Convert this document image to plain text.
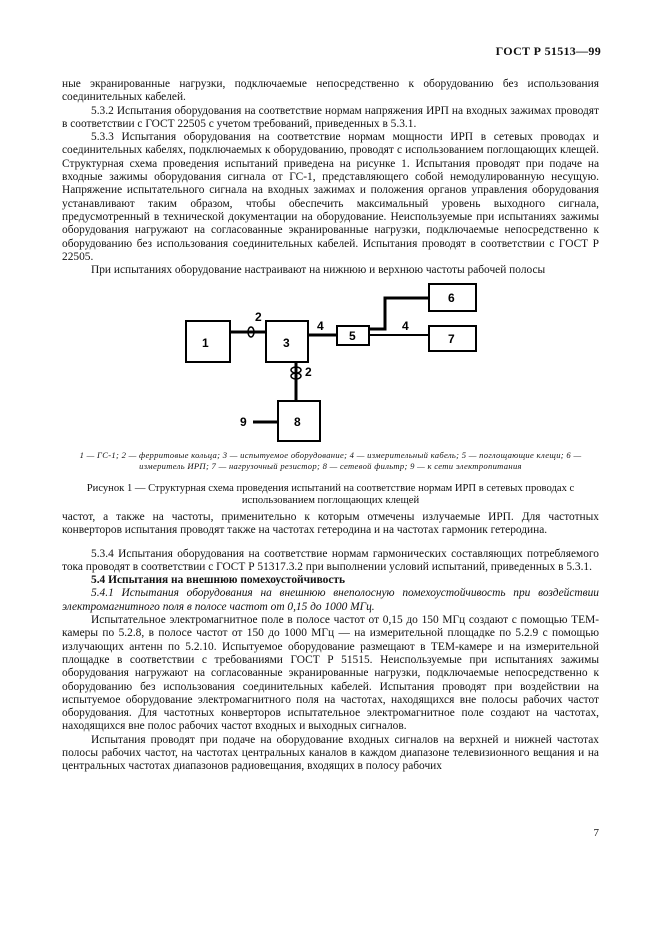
ГОСТ Р 51513—99

ные экранированные нагрузки, подключаемые непосредственно к оборудованию без использования соединительных кабелей.

5.3.2 Испытания оборудования на соответствие нормам напряжения ИРП на входных зажимах проводят в соответствии с ГОСТ 22505 с учетом требований, приведенных в 5.3.1.

5.3.3 Испытания оборудования на соответствие нормам мощности ИРП в сетевых проводах и соединительных кабелях, подключаемых к оборудованию, проводят с использованием поглощающих клещей. Структурная схема проведения испытаний приведена на рисунке 1. Испытания проводят при подаче на входные зажимы оборудования сигнала от ГС-1, представляющего собой немодулированную несущую. Напряжение испытательного сигнала на входных зажимах и положения органов управления оборудования устанавливают таким образом, чтобы обеспечить максимальный уровень выходного сигнала, предусмотренный в технической документации на оборудование. Неиспользуемые при испытаниях зажимы оборудования нагружают на согласованные экранированные нагрузки, подключаемые непосредственно к оборудованию без использования соединительных кабелей. Испытания проводят в соответствии с ГОСТ Р 22505.

При испытаниях оборудование настраивают на нижнюю и верхнюю частоты рабочей полосы

1	3	5
6
7
8
2
2
4	4
9
1 — ГС-1; 2 — ферритовые кольца; 3 — испытуемое оборудование; 4 — измерительный кабель; 5 — поглощающие клещи; 6 — измеритель ИРП; 7 — нагрузочный резистор; 8 — сетевой фильтр; 9 — к сети электропитания
Рисунок 1 — Структурная схема проведения испытаний на соответствие нормам ИРП в сетевых проводах с использованием поглощающих клещей

частот, а также на частоты, применительно к которым отмечены излучаемые ИРП. Для частотных конверторов испытания проводят также на частотах гетеродина и на частотах гармоник гетеродина.

5.3.4 Испытания оборудования на соответствие нормам гармонических составляющих потребляемого тока проводят в соответствии с ГОСТ Р 51317.3.2 при выполнении условий испытаний, приведенных в 5.3.1.

5.4 Испытания на внешнюю помехоустойчивость

5.4.1 Испытания оборудования на внешнюю внеполосную помехоустойчивость при воздействии электромагнитного поля в полосе частот от 0,15 до 1000 МГц.

Испытательное электромагнитное поле в полосе частот от 0,15 до 150 МГц создают с помощью ТЕМ-камеры по 5.2.8, в полосе частот от 150 до 1000 МГц — на измерительной площадке по 5.2.9 с помощью излучающих антенн по 5.2.10. Испытуемое оборудование размещают в ТЕМ-камере и на измерительной площадке в соответствии с требованиями ГОСТ Р 51515. Неиспользуемые при испытаниях зажимы оборудования нагружают на согласованные экранированные нагрузки, подключаемые непосредственно к оборудованию без использования соединительных кабелей. Испытания проводят при воздействии на испытуемое оборудование электромагнитного поля на частотах, находящихся вне полосы рабочих частот оборудования. Для частотных конверторов испытательное электромагнитное поле создают на частотах, находящихся вне полос рабочих частот входных и выходных сигналов.

Испытания проводят при подаче на оборудование входных сигналов на верхней и нижней частотах полосы рабочих частот, на частотах центральных каналов в каждом диапазоне телевизионного вещания и на центральных частотах диапазонов радиовещания, входящих в полосу рабочих

7
